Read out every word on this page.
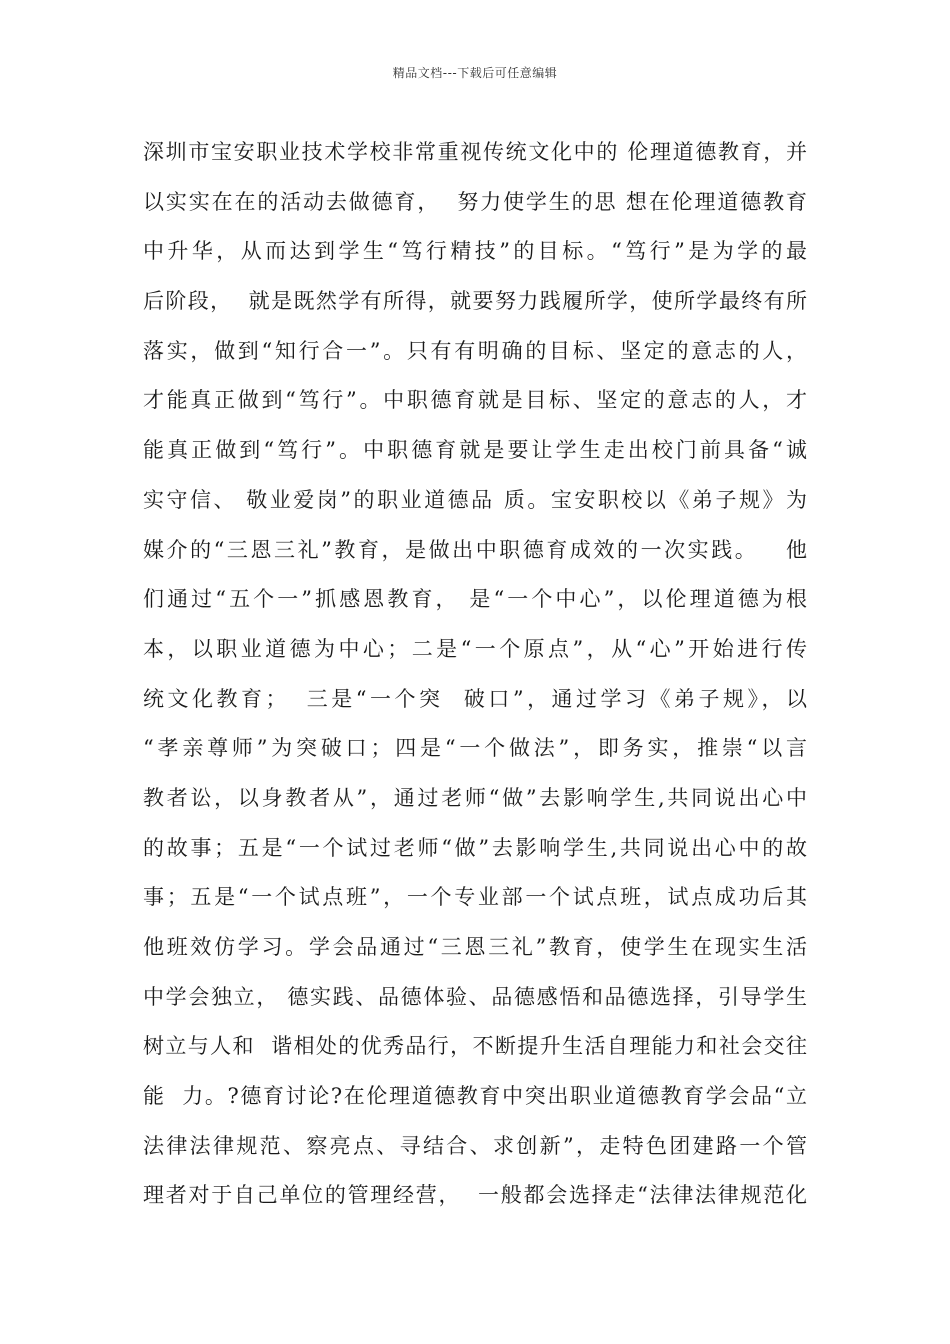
精品文档---下载后可任意编辑
深圳市宝安职业技术学校非常重视传统文化中的 伦理道德教育，并
以实实在在的活动去做德育，  努力使学生的思 想在伦理道德教育
中升华，从而达到学生“笃行精技”的目标。“笃行”是为学的最
后阶段，  就是既然学有所得，就要努力践履所学，使所学最终有所
落实，做到“知行合一”。只有有明确的目标、坚定的意志的人，
才能真正做到“笃行”。中职德育就是目标、坚定的意志的人，才
能真正做到“笃行”。中职德育就是要让学生走出校门前具备“诚
实守信、 敬业爱岗”的职业道德品 质。宝安职校以《弟子规》为
媒介的“三恩三礼”教育，是做出中职德育成效的一次实践。   他
们通过“五个一”抓感恩教育， 是“一个中心”，以伦理道德为根
本，以职业道德为中心；二是“一个原点”，从“心”开始进行传
统文化教育；  三是“一个突  破口”，通过学习《弟子规》，以
“孝亲尊师”为突破口；四是“一个做法”，即务实，推崇“以言
教者讼，以身教者从”，通过老师“做”去影响学生,共同说出心中
的故事；五是“一个试过老师“做”去影响学生,共同说出心中的故
事；五是“一个试点班”，一个专业部一个试点班，试点成功后其
他班效仿学习。学会品通过“三恩三礼”教育，使学生在现实生活
中学会独立， 德实践、品德体验、品德感悟和品德选择，引导学生
树立与人和  谐相处的优秀品行，不断提升生活自理能力和社会交往
能  力。?德育讨论?在伦理道德教育中突出职业道德教育学会品“立
法律法律规范、察亮点、寻结合、求创新”，走特色团建路一个管
理者对于自己单位的管理经营，  一般都会选择走“法律法律规范化
